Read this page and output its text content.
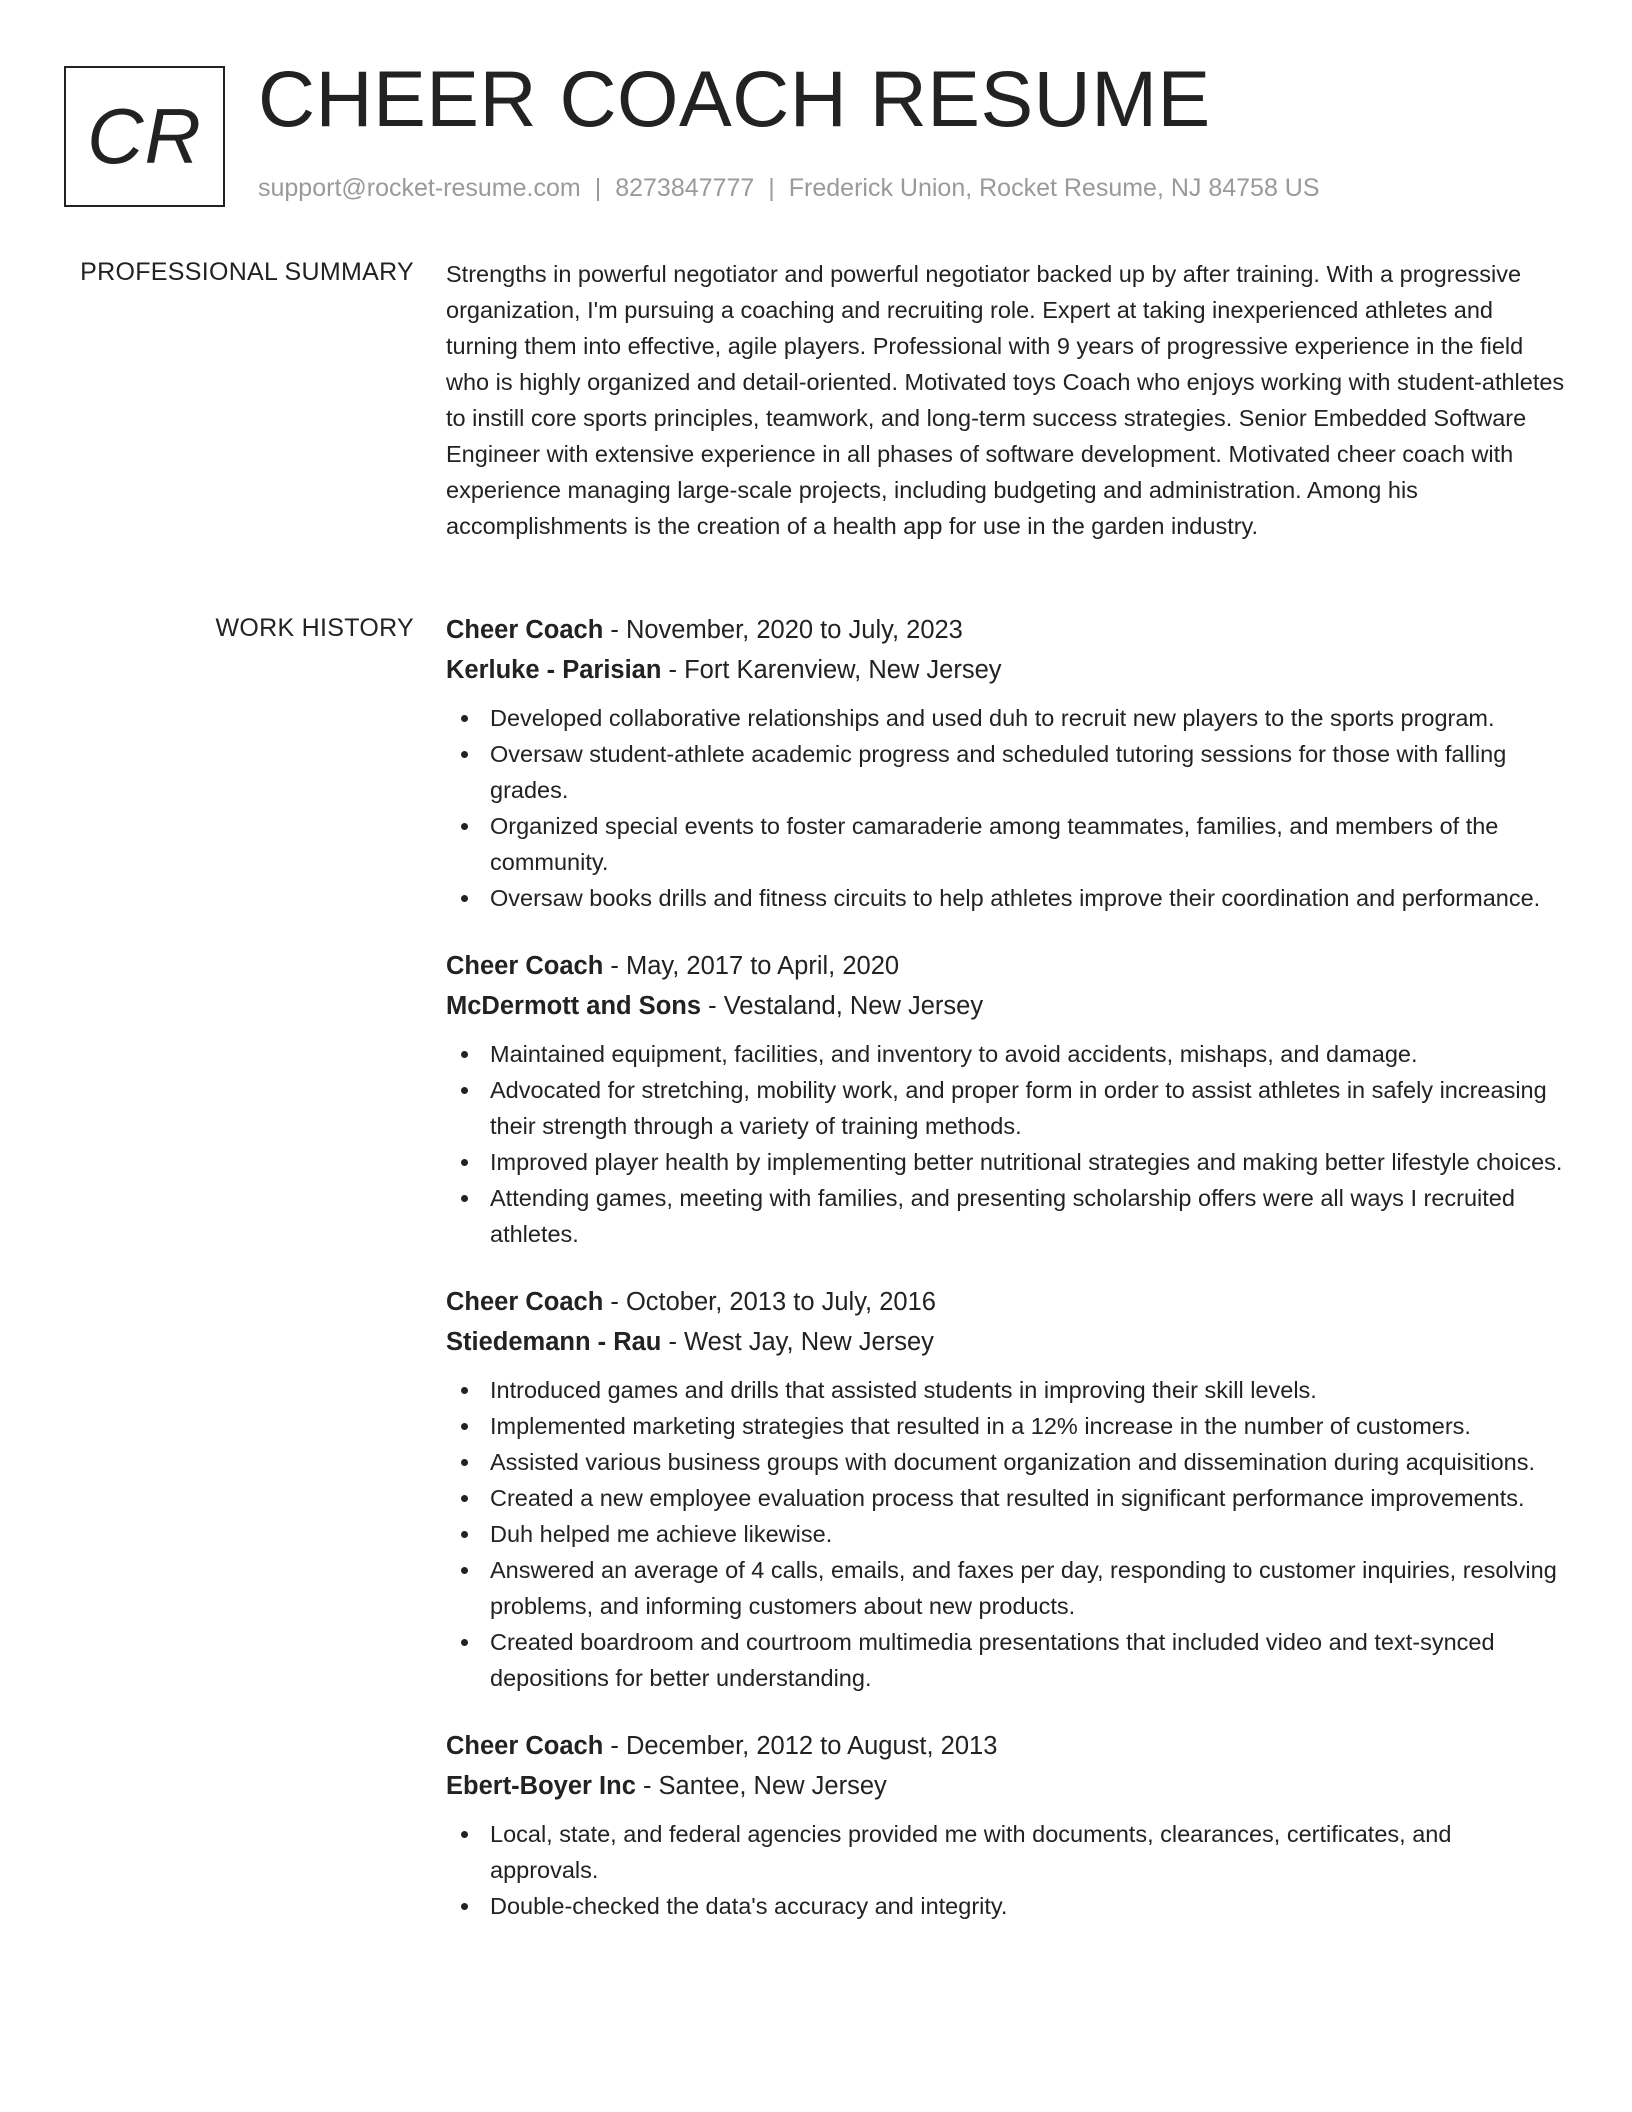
CR CHEER COACH RESUME
support@rocket-resume.com | 8273847777 | Frederick Union, Rocket Resume, NJ 84758 US
PROFESSIONAL SUMMARY Strengths in powerful negotiator and powerful negotiator backed up by after training. With a progressive organization, I'm pursuing a coaching and recruiting role. Expert at taking inexperienced athletes and turning them into effective, agile players. Professional with 9 years of progressive experience in the field who is highly organized and detail-oriented. Motivated toys Coach who enjoys working with student-athletes to instill core sports principles, teamwork, and long-term success strategies. Senior Embedded Software Engineer with extensive experience in all phases of software development. Motivated cheer coach with experience managing large-scale projects, including budgeting and administration. Among his accomplishments is the creation of a health app for use in the garden industry.

WORK HISTORY Cheer Coach - November, 2020 to July, 2023
Kerluke - Parisian - Fort Karenview, New Jersey
Developed collaborative relationships and used duh to recruit new players to the sports program.
Oversaw student-athlete academic progress and scheduled tutoring sessions for those with falling grades.
Organized special events to foster camaraderie among teammates, families, and members of the community.
Oversaw books drills and fitness circuits to help athletes improve their coordination and performance.
Cheer Coach - May, 2017 to April, 2020
McDermott and Sons - Vestaland, New Jersey
Maintained equipment, facilities, and inventory to avoid accidents, mishaps, and damage.
Advocated for stretching, mobility work, and proper form in order to assist athletes in safely increasing their strength through a variety of training methods.
Improved player health by implementing better nutritional strategies and making better lifestyle choices.
Attending games, meeting with families, and presenting scholarship offers were all ways I recruited athletes.
Cheer Coach - October, 2013 to July, 2016
Stiedemann - Rau - West Jay, New Jersey
Introduced games and drills that assisted students in improving their skill levels.
Implemented marketing strategies that resulted in a 12% increase in the number of customers.
Assisted various business groups with document organization and dissemination during acquisitions.
Created a new employee evaluation process that resulted in significant performance improvements.
Duh helped me achieve likewise.
Answered an average of 4 calls, emails, and faxes per day, responding to customer inquiries, resolving problems, and informing customers about new products.
Created boardroom and courtroom multimedia presentations that included video and text-synced depositions for better understanding.
Cheer Coach - December, 2012 to August, 2013
Ebert-Boyer Inc - Santee, New Jersey
Local, state, and federal agencies provided me with documents, clearances, certificates, and approvals.
Double-checked the data's accuracy and integrity.
